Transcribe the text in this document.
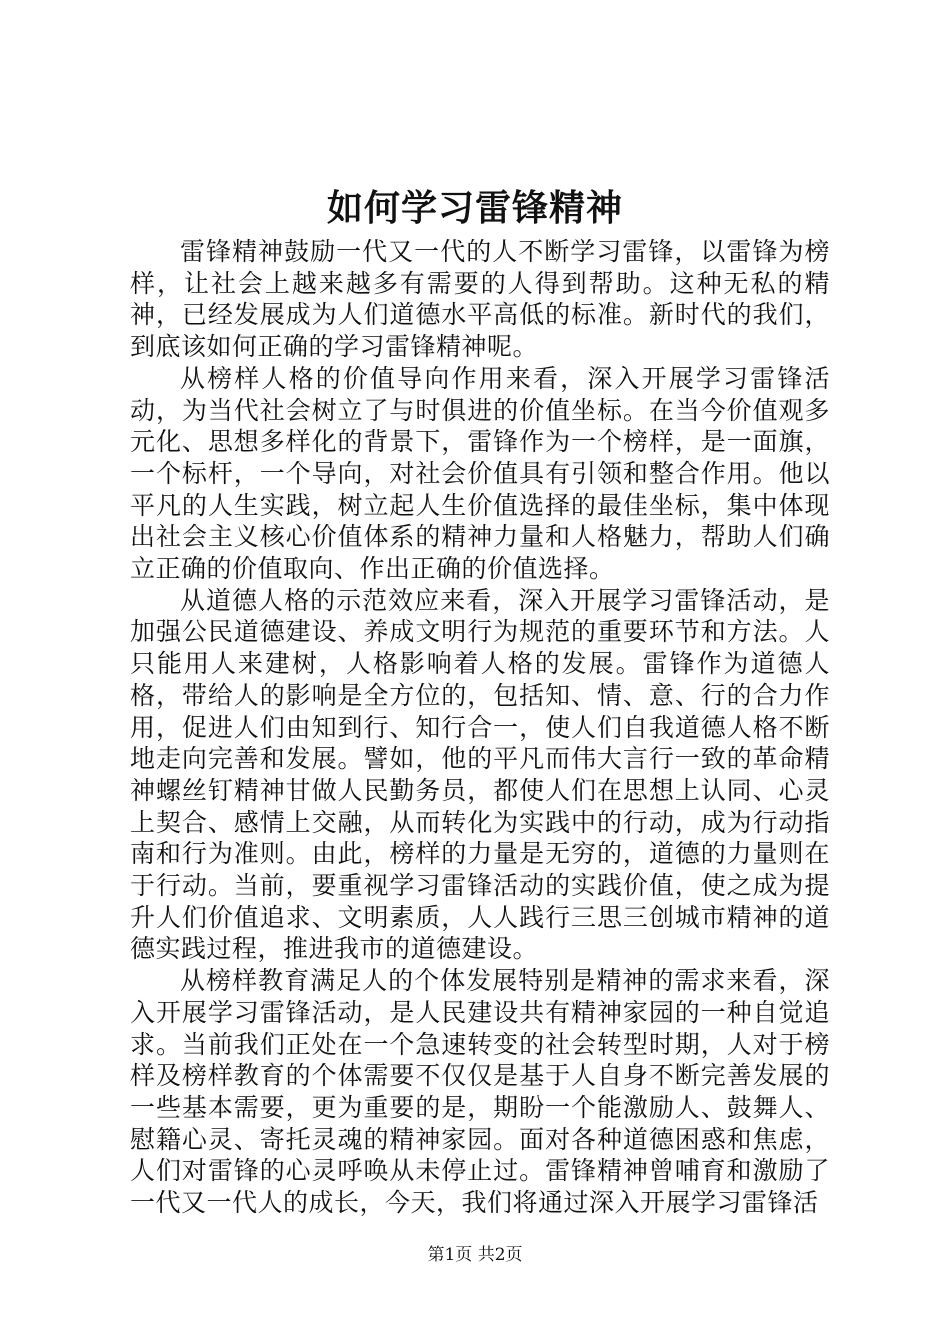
如何学习雷锋精神

雷锋精神鼓励一代又一代的人不断学习雷锋，以雷锋为榜样，让社会上越来越多有需要的人得到帮助。这种无私的精神，已经发展成为人们道德水平高低的标准。新时代的我们，到底该如何正确的学习雷锋精神呢。

从榜样人格的价值导向作用来看，深入开展学习雷锋活动，为当代社会树立了与时俱进的价值坐标。在当今价值观多元化、思想多样化的背景下，雷锋作为一个榜样，是一面旗，一个标杆，一个导向，对社会价值具有引领和整合作用。他以平凡的人生实践，树立起人生价值选择的最佳坐标，集中体现出社会主义核心价值体系的精神力量和人格魅力，帮助人们确立正确的价值取向、作出正确的价值选择。

从道德人格的示范效应来看，深入开展学习雷锋活动，是加强公民道德建设、养成文明行为规范的重要环节和方法。人只能用人来建树，人格影响着人格的发展。雷锋作为道德人格，带给人的影响是全方位的，包括知、情、意、行的合力作用，促进人们由知到行、知行合一，使人们自我道德人格不断地走向完善和发展。譬如，他的平凡而伟大言行一致的革命精神螺丝钉精神甘做人民勤务员，都使人们在思想上认同、心灵上契合、感情上交融，从而转化为实践中的行动，成为行动指南和行为准则。由此，榜样的力量是无穷的，道德的力量则在于行动。当前，要重视学习雷锋活动的实践价值，使之成为提升人们价值追求、文明素质，人人践行三思三创城市精神的道德实践过程，推进我市的道德建设。

从榜样教育满足人的个体发展特别是精神的需求来看，深入开展学习雷锋活动，是人民建设共有精神家园的一种自觉追求。当前我们正处在一个急速转变的社会转型时期，人对于榜样及榜样教育的个体需要不仅仅是基于人自身不断完善发展的一些基本需要，更为重要的是，期盼一个能激励人、鼓舞人、慰籍心灵、寄托灵魂的精神家园。面对各种道德困惑和焦虑，人们对雷锋的心灵呼唤从未停止过。雷锋精神曾哺育和激励了一代又一代人的成长，今天，我们将通过深入开展学习雷锋活

第1页 共2页
